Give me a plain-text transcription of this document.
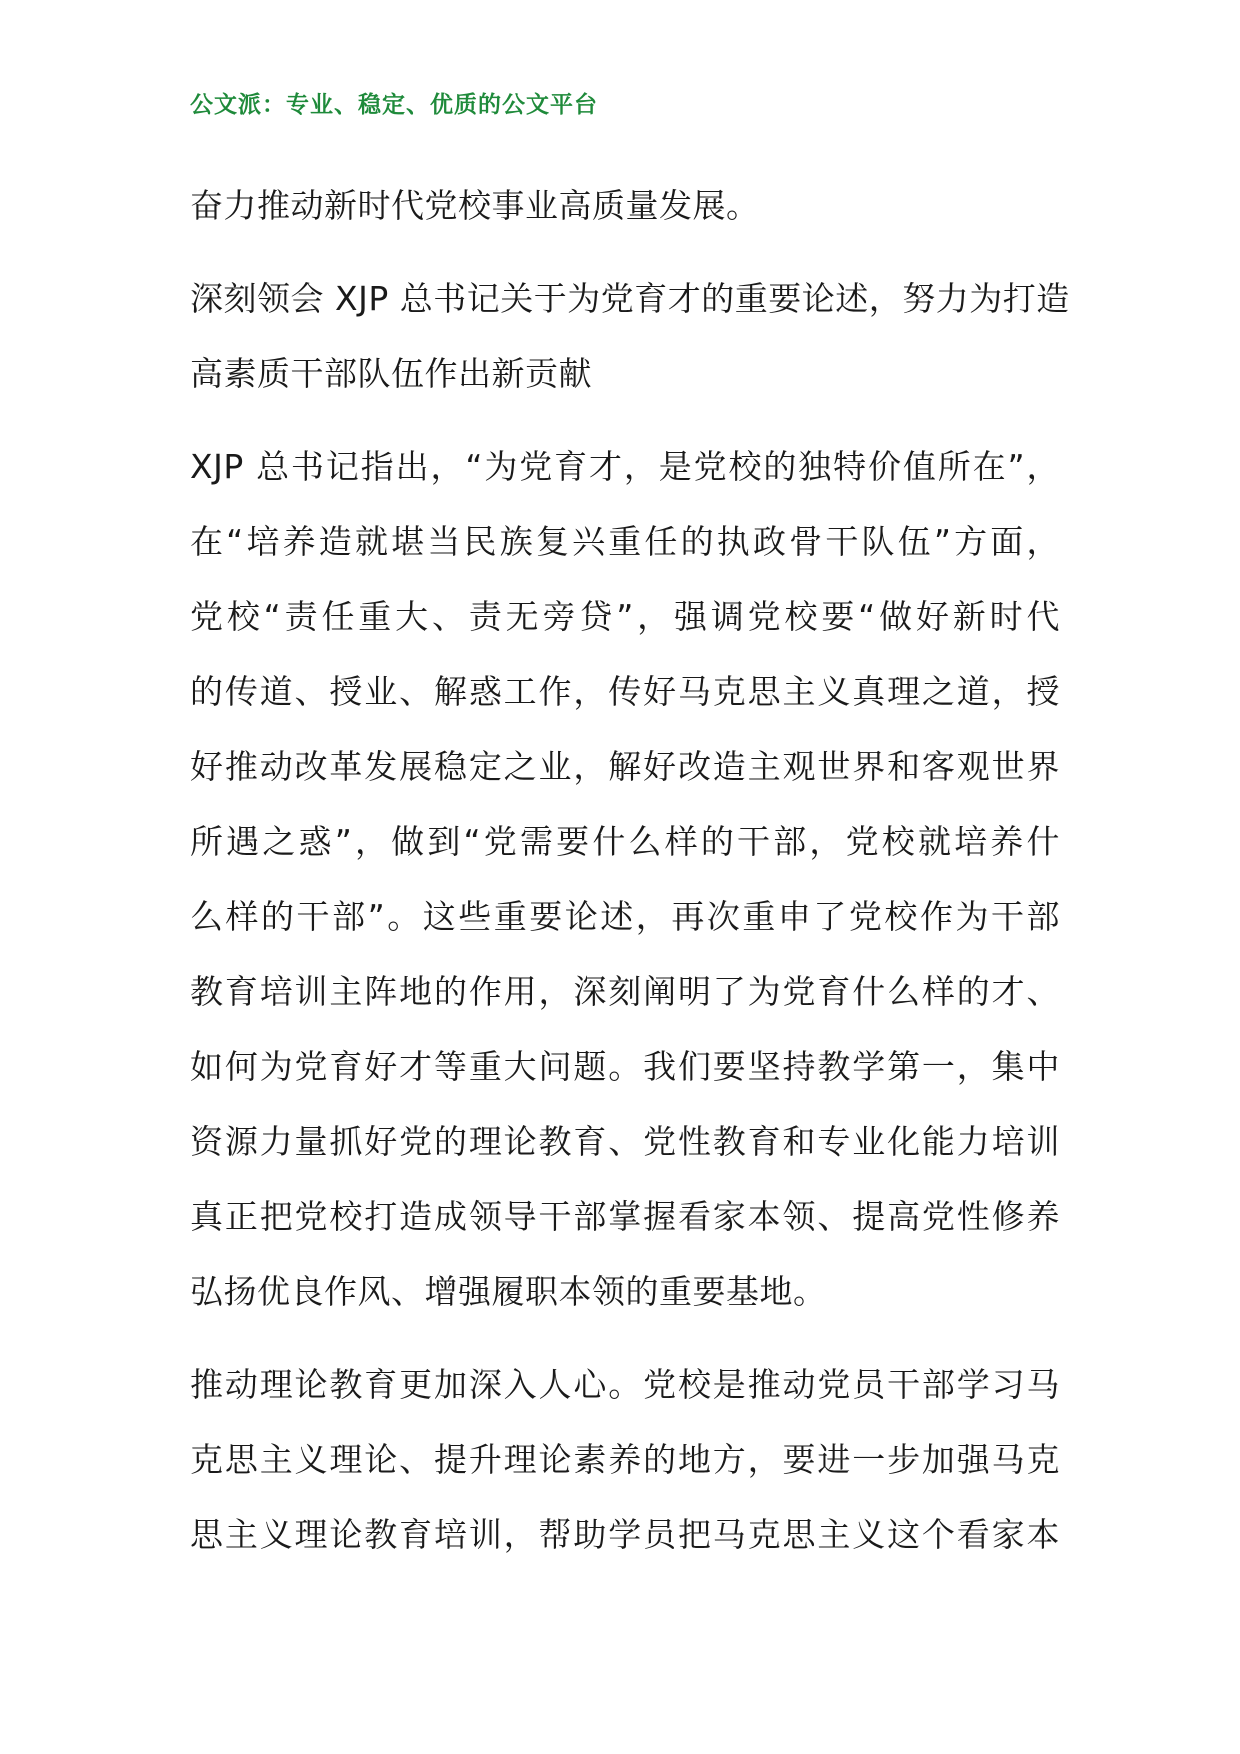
公文派：专业、稳定、优质的公文平台

奋力推动新时代党校事业高质量发展。

深刻领会 XJP 总书记关于为党育才的重要论述，努力为打造
高素质干部队伍作出新贡献

XJP 总书记指出，“为党育才，是党校的独特价值所在”，
在“培养造就堪当民族复兴重任的执政骨干队伍”方面，
党校“责任重大、责无旁贷”，强调党校要“做好新时代
的传道、授业、解惑工作，传好马克思主义真理之道，授
好推动改革发展稳定之业，解好改造主观世界和客观世界
所遇之惑”，做到“党需要什么样的干部，党校就培养什
么样的干部”。这些重要论述，再次重申了党校作为干部
教育培训主阵地的作用，深刻阐明了为党育什么样的才、
如何为党育好才等重大问题。我们要坚持教学第一，集中
资源力量抓好党的理论教育、党性教育和专业化能力培训
真正把党校打造成领导干部掌握看家本领、提高党性修养
弘扬优良作风、增强履职本领的重要基地。

推动理论教育更加深入人心。党校是推动党员干部学习马
克思主义理论、提升理论素养的地方，要进一步加强马克
思主义理论教育培训，帮助学员把马克思主义这个看家本
